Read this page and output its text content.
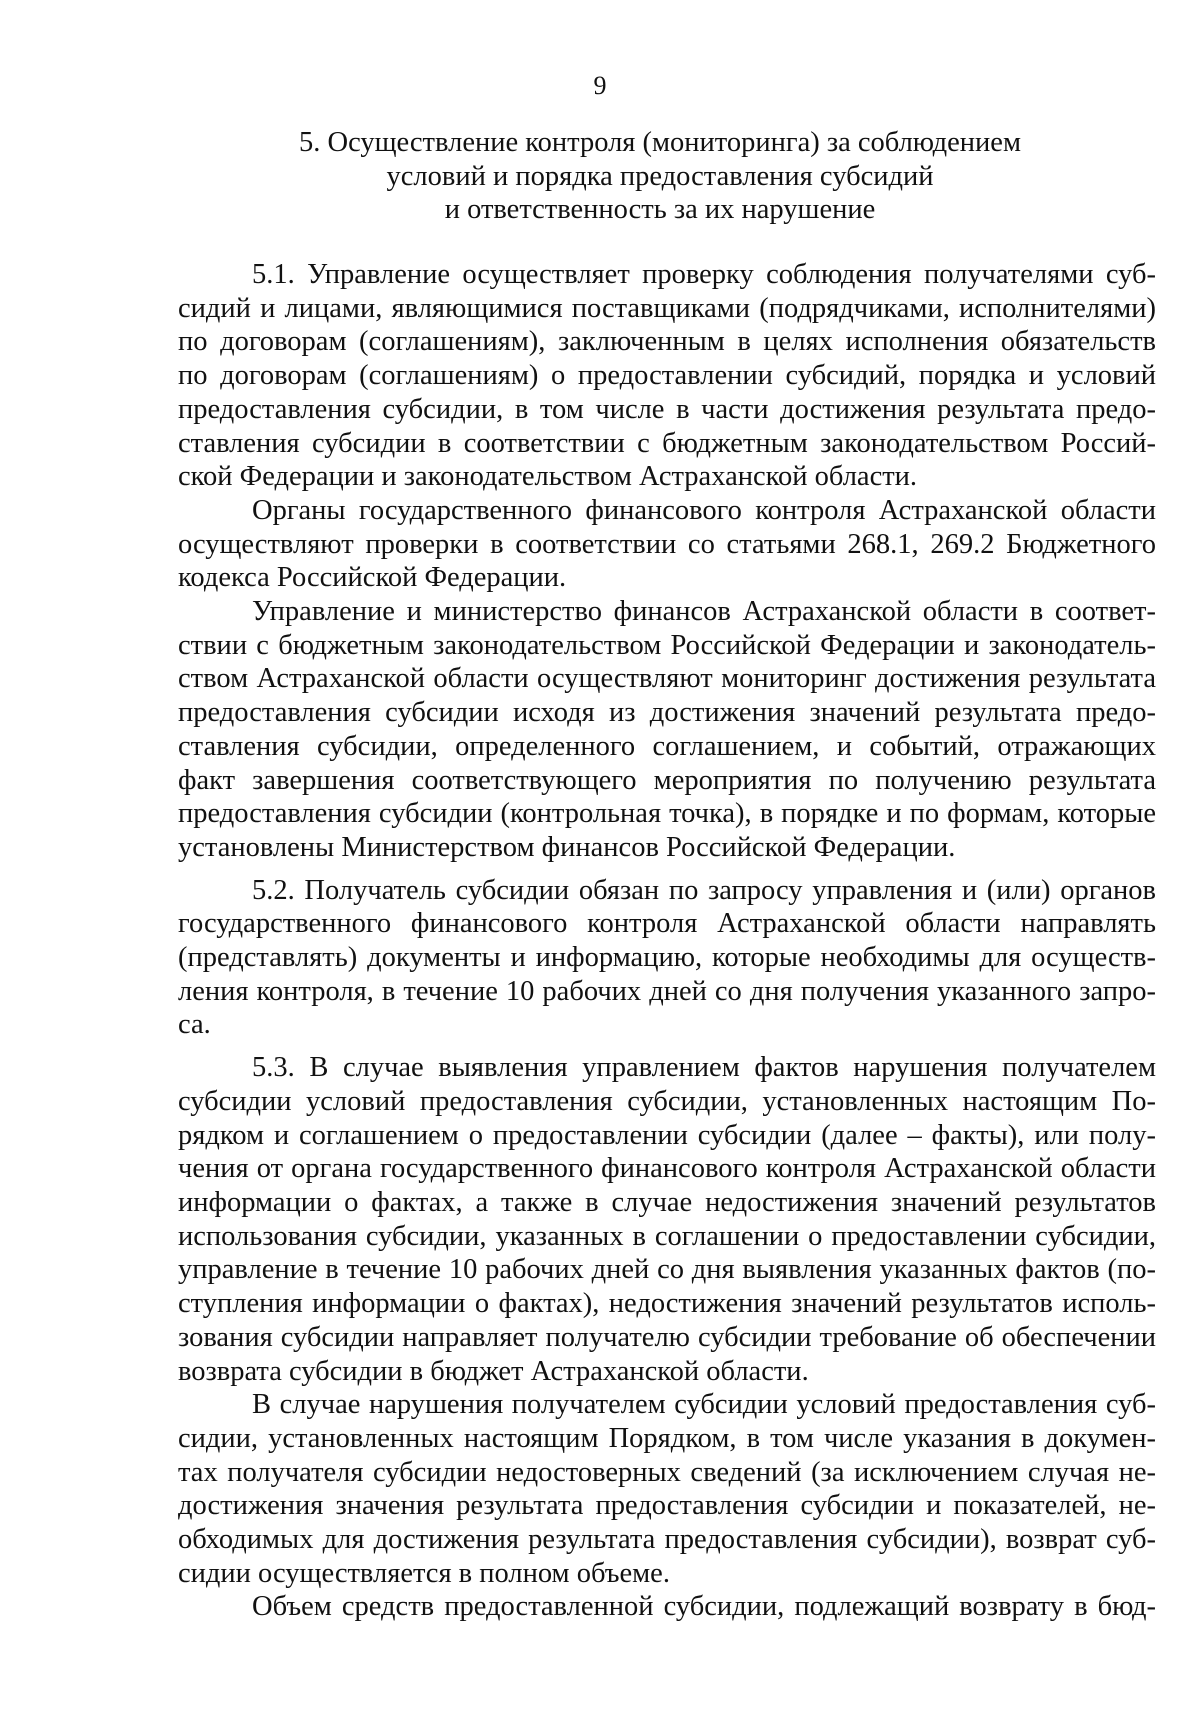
9
5. Осуществление контроля (мониторинга) за соблюдением
условий и порядка предоставления субсидий
и ответственность за их нарушение
5.1. Управление осуществляет проверку соблюдения получателями суб-
сидий и лицами, являющимися поставщиками (подрядчиками, исполнителями)
по договорам (соглашениям), заключенным в целях исполнения обязательств
по договорам (соглашениям) о предоставлении субсидий, порядка и условий
предоставления субсидии, в том числе в части достижения результата предо-
ставления субсидии в соответствии с бюджетным законодательством Россий-
ской Федерации и законодательством Астраханской области.
Органы государственного финансового контроля Астраханской области
осуществляют проверки в соответствии со статьями 268.1, 269.2 Бюджетного
кодекса Российской Федерации.
Управление и министерство финансов Астраханской области в соответ-
ствии с бюджетным законодательством Российской Федерации и законодатель-
ством Астраханской области осуществляют мониторинг достижения результата
предоставления субсидии исходя из достижения значений результата предо-
ставления субсидии, определенного соглашением, и событий, отражающих
факт завершения соответствующего мероприятия по получению результата
предоставления субсидии (контрольная точка), в порядке и по формам, которые
установлены Министерством финансов Российской Федерации.
5.2. Получатель субсидии обязан по запросу управления и (или) органов
государственного финансового контроля Астраханской области направлять
(представлять) документы и информацию, которые необходимы для осуществ-
ления контроля, в течение 10 рабочих дней со дня получения указанного запро-
са.
5.3. В случае выявления управлением фактов нарушения получателем
субсидии условий предоставления субсидии, установленных настоящим По-
рядком и соглашением о предоставлении субсидии (далее – факты), или полу-
чения от органа государственного финансового контроля Астраханской области
информации о фактах, а также в случае недостижения значений результатов
использования субсидии, указанных в соглашении о предоставлении субсидии,
управление в течение 10 рабочих дней со дня выявления указанных фактов (по-
ступления информации о фактах), недостижения значений результатов исполь-
зования субсидии направляет получателю субсидии требование об обеспечении
возврата субсидии в бюджет Астраханской области.
В случае нарушения получателем субсидии условий предоставления суб-
сидии, установленных настоящим Порядком, в том числе указания в докумен-
тах получателя субсидии недостоверных сведений (за исключением случая не-
достижения значения результата предоставления субсидии и показателей, не-
обходимых для достижения результата предоставления субсидии), возврат суб-
сидии осуществляется в полном объеме.
Объем средств предоставленной субсидии, подлежащий возврату в бюд-
